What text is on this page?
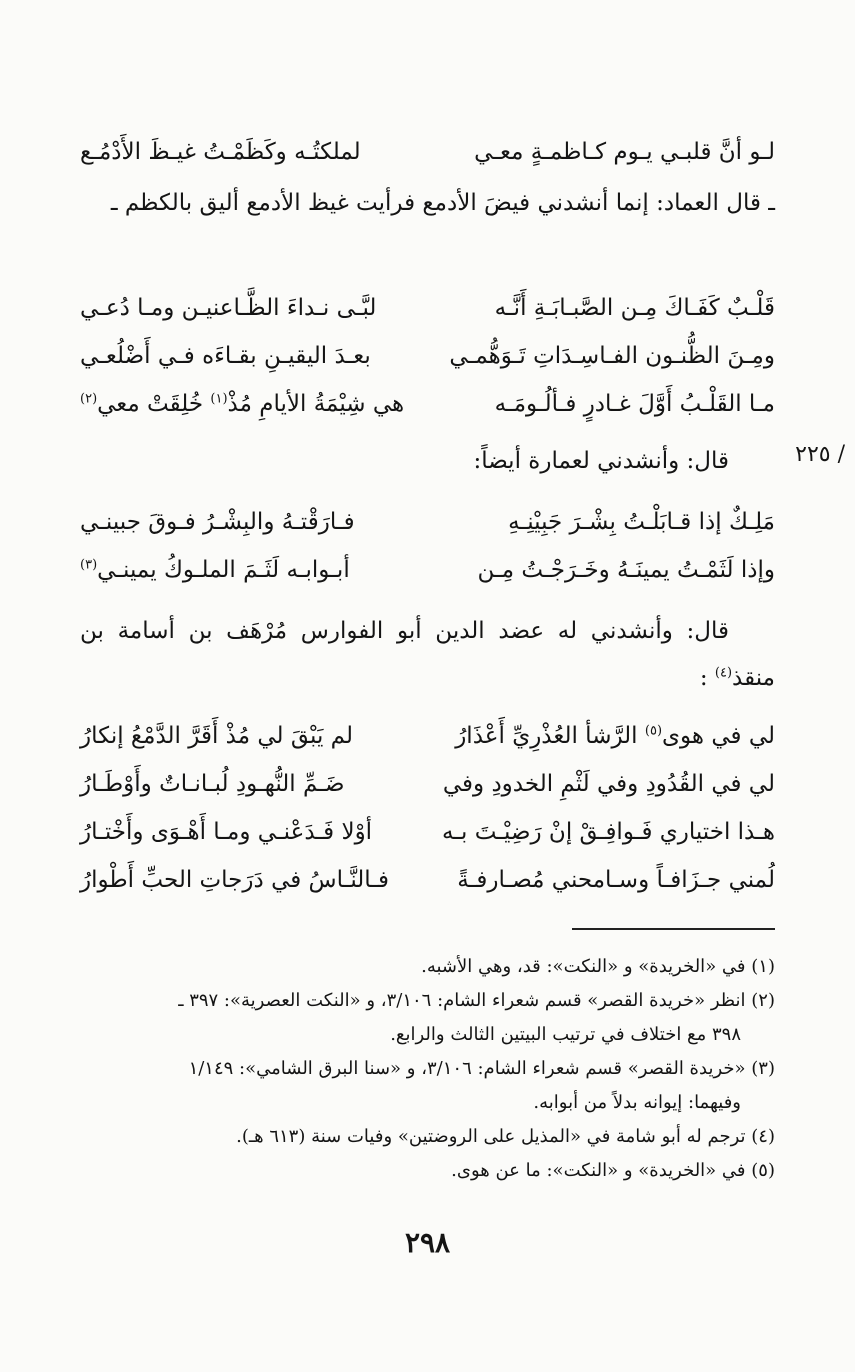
لـو أنَّ قلبـي يـوم كـاظمـةٍ معـي
لملكتُـه وكَظَمْـتُ غيـظَ الأَدْمُـع

ـ قال العماد: إنما أنشدني فيضَ الأدمع فرأيت غيظ الأدمع أليق بالكظم ـ

قَلْـبٌ كَفَـاكَ مِـن الصَّبـابَـةِ أَنَّـه
لبَّـى نـداءَ الظَّـاعنيـن ومـا دُعـي
ومِـنَ الظُّنـون الفـاسِـدَاتِ تَـوَهُّمـي
بعـدَ اليقيـنِ بقـاءَه فـي أَضْلُعـي
مـا القَلْـبُ أَوَّلَ غـادرٍ فـألُـومَـه
هي شِيْمَةُ الأيامِ مُذْ$^{(١)}$ خُلِقَتْ معي$^{(٢)}$
/ ٢٢٥

قال: وأنشدني لعمارة أيضاً:

مَلِـكٌ إذا قـابَلْـتُ بِشْـرَ جَبِيْنِـهِ
فـارَقْتـهُ والبِشْـرُ فـوقَ جبينـي
وإذا لَثَمْـتُ يمينَـهُ وخَـرَجْـتُ مِـن
أبـوابـه لَثَـمَ الملـوكُ يمينـي$^{(٣)}$

قال: وأنشدني له عضد الدين أبو الفوارس مُرْهَف بن أسامة بن منقذ$^{(٤)}$ :

لي في هوى$^{(٥)}$ الرَّشأ العُذْرِيِّ أَعْذَارُ
لم يَبْقَ لي مُذْ أَقَرَّ الدَّمْعُ إنكارُ
لي في القُدُودِ وفي لَثْمِ الخدودِ وفي
ضَـمِّ النُّهـودِ لُبـانـاتٌ وأَوْطَـارُ
هـذا اختياري فَـوافِـقْ إنْ رَضِيْـتَ بـه
أوْلا فَـدَعْنـي ومـا أَهْـوَى وأَخْتـارُ
لُمني جـزَافـاً وسـامحني مُصـارفـةً
فـالنَّـاسُ في دَرَجاتِ الحبِّ أَطْوارُ

(١) في «الخريدة» و «النكت»: قد، وهي الأشبه.

(٢) انظر «خريدة القصر» قسم شعراء الشام: ٣/١٠٦، و «النكت العصرية»: ٣٩٧ ـ
٣٩٨ مع اختلاف في ترتيب البيتين الثالث والرابع.

(٣) «خريدة القصر» قسم شعراء الشام: ٣/١٠٦، و «سنا البرق الشامي»: ١/١٤٩
وفيهما: إيوانه بدلاً من أبوابه.

(٤) ترجم له أبو شامة في «المذيل على الروضتين» وفيات سنة (٦١٣ هـ).

(٥) في «الخريدة» و «النكت»: ما عن هوى.

٢٩٨
